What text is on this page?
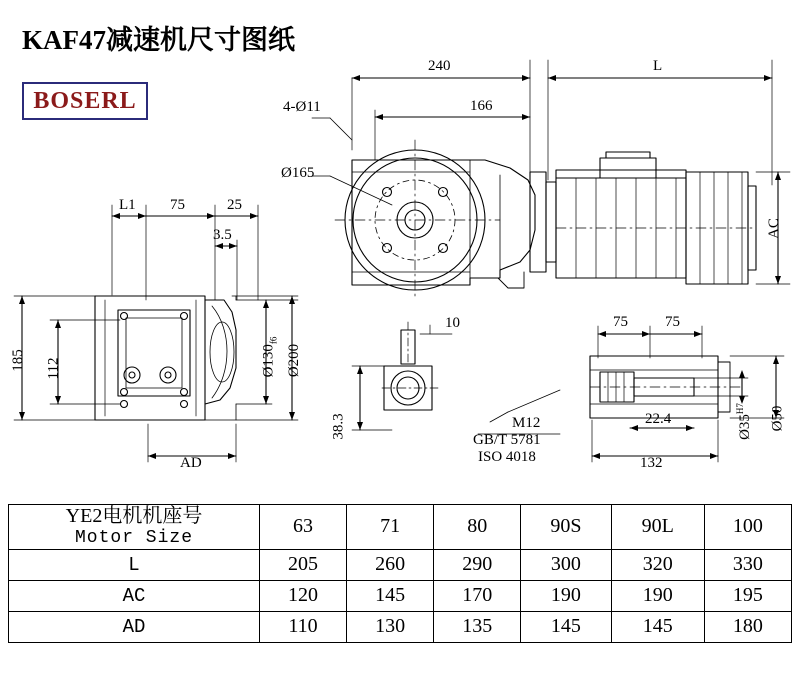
KAF47减速机尺寸图纸
BOSERL
240	L
4-Ø11	166
Ø165
AC
L1 75	25
3.5
$Ø130_{f6}$
Ø200
185 112
AD
10
38.3	M12
GB/T 5781
ISO 4018
75 75
22.4
132
$Ø35^{H7}$	Ø50
YE2电机机座号
Motor Size	63	71	80	90S	90L	100
L	205	260	290	300	320	330
AC	120	145	170	190	190	195
AD	110	130	135	145	145	180
